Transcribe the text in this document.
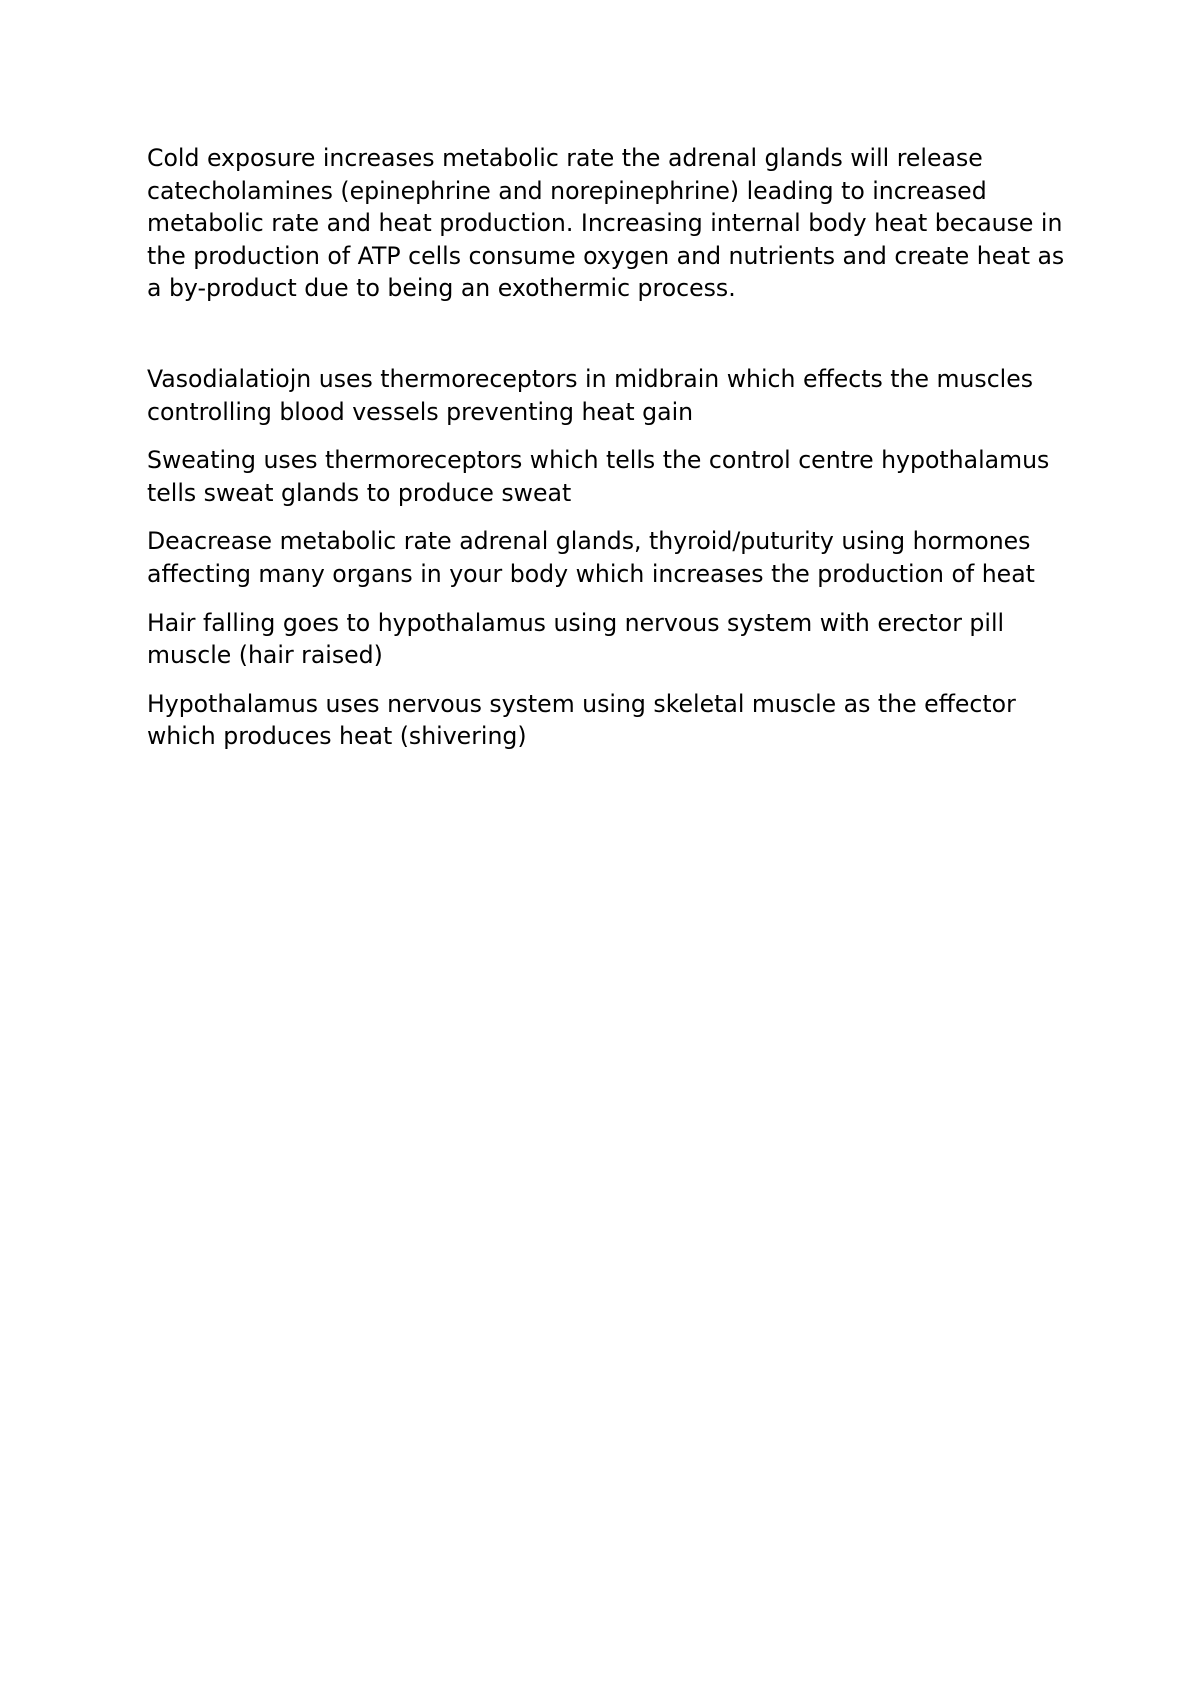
Cold exposure increases metabolic rate the adrenal glands will release catecholamines (epinephrine and norepinephrine) leading to increased metabolic rate and heat production. Increasing internal body heat because in the production of ATP cells consume oxygen and nutrients and create heat as a by-product due to being an exothermic process.

Vasodialatiojn uses thermoreceptors in midbrain which effects the muscles controlling blood vessels preventing heat gain

Sweating uses thermoreceptors which tells the control centre hypothalamus tells sweat glands to produce sweat

Deacrease metabolic rate adrenal glands, thyroid/puturity using hormones affecting many organs in your body which increases the production of heat

Hair falling goes to hypothalamus using nervous system with erector pill muscle (hair raised)

Hypothalamus uses nervous system using skeletal muscle as the effector which produces heat (shivering)
